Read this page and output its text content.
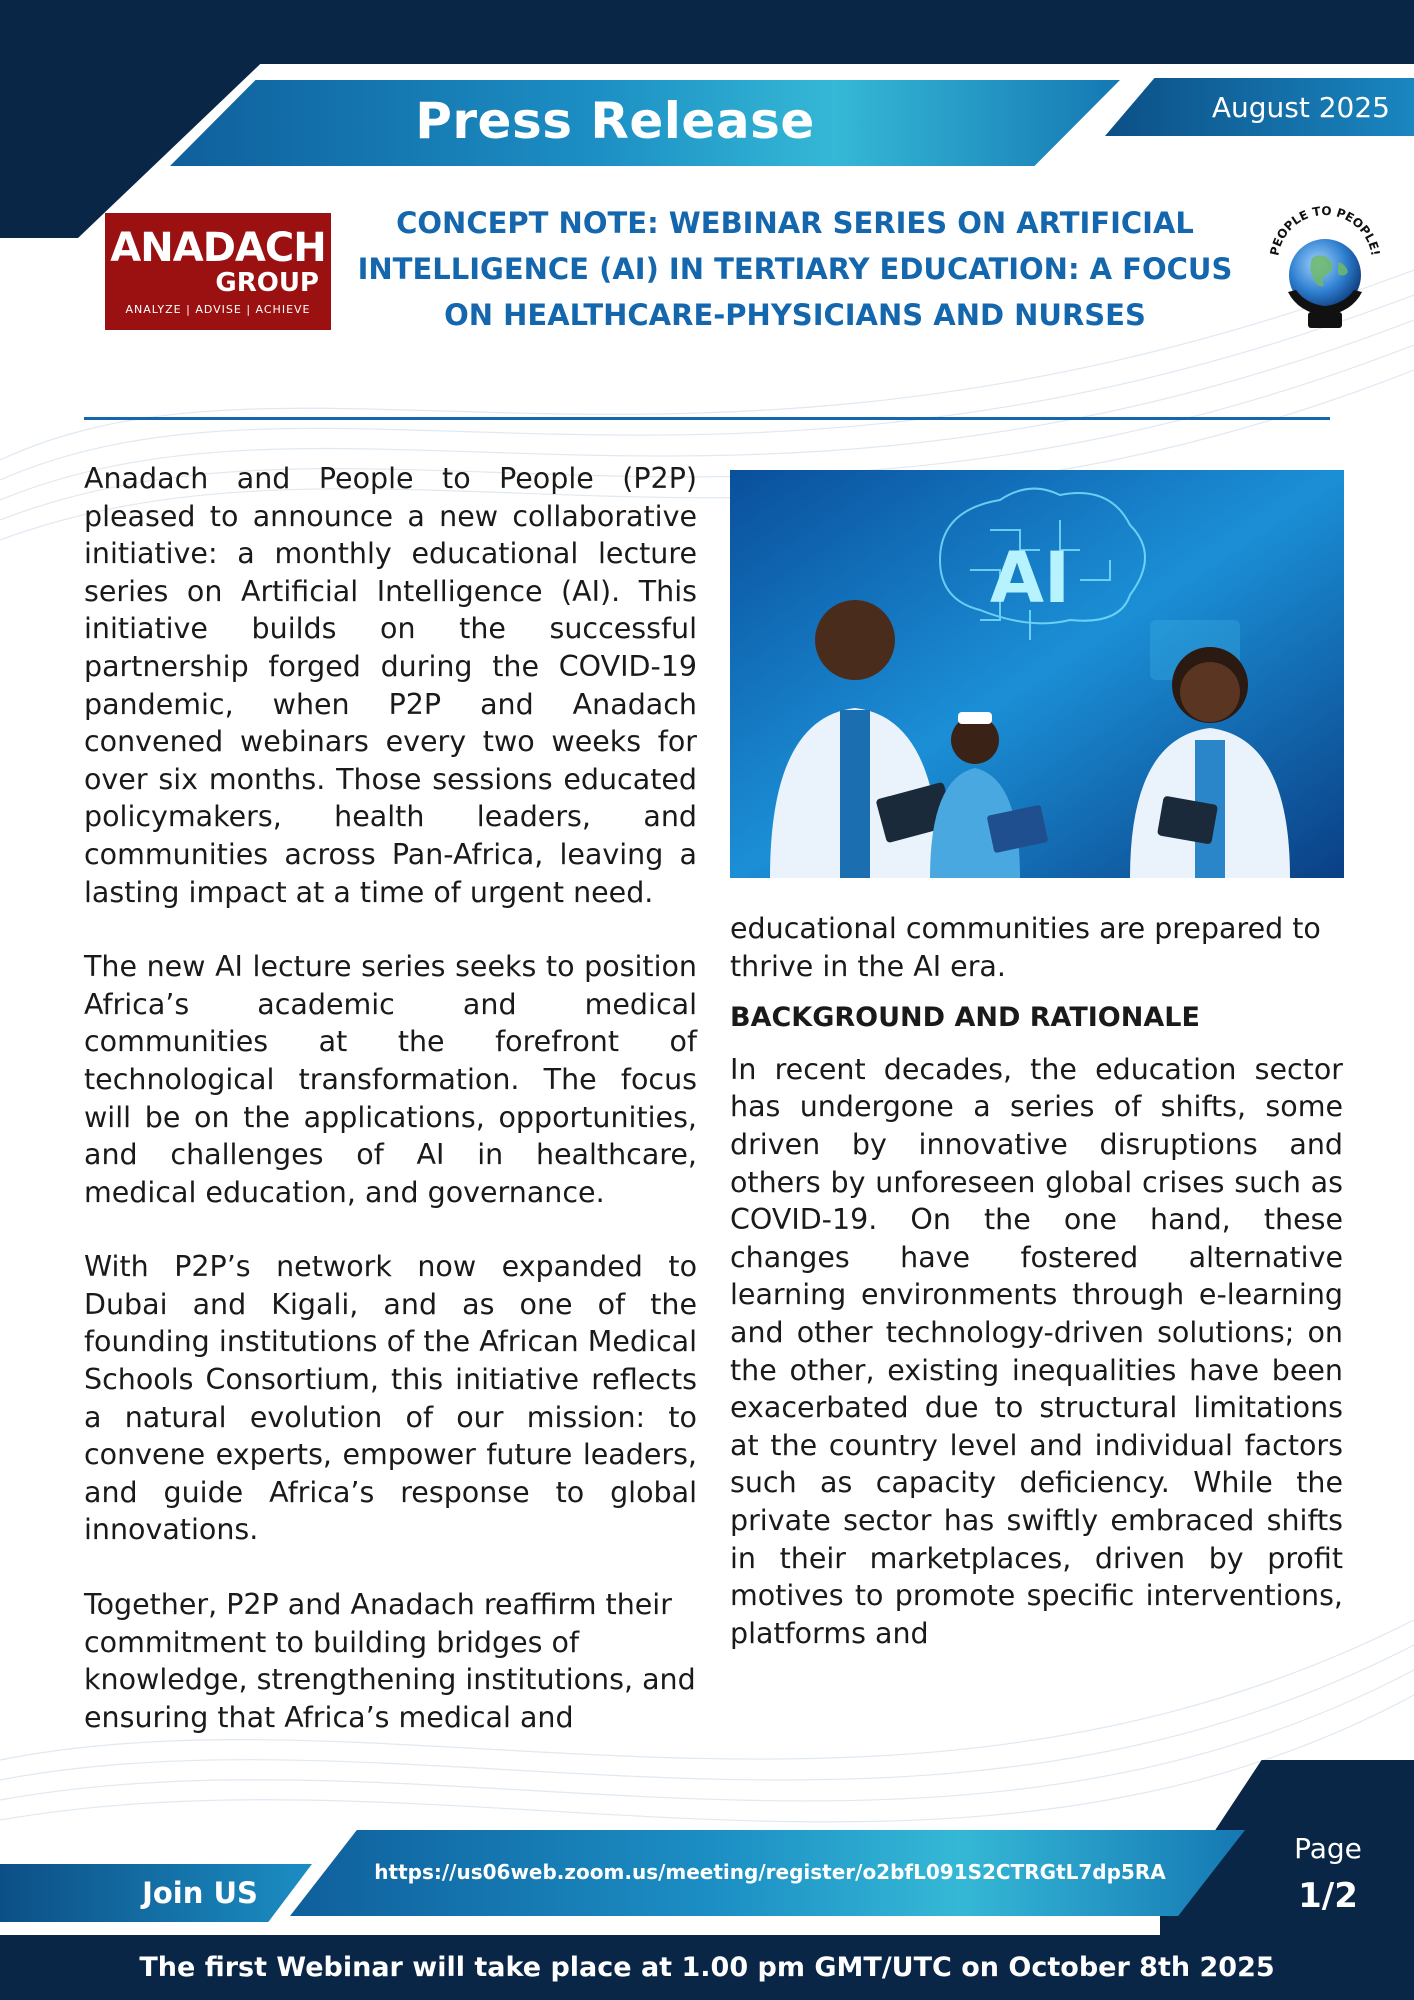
Press Release	August 2025
ANADACH
GROUP
ANALYZE | ADVISE | ACHIEVE
CONCEPT NOTE: WEBINAR SERIES ON ARTIFICIAL
INTELLIGENCE (AI) IN TERTIARY EDUCATION: A FOCUS
ON HEALTHCARE-PHYSICIANS AND NURSES
PEOPLE TO PEOPLE!

Anadach and People to People (P2P) pleased to announce a new collaborative initiative: a monthly educational lecture series on Artificial Intelligence (AI). This initiative builds on the successful partnership forged during the COVID-19 pandemic, when P2P and Anadach convened webinars every two weeks for over six months. Those sessions educated policymakers, health leaders, and communities across Pan-Africa, leaving a lasting impact at a time of urgent need.

The new AI lecture series seeks to position Africa’s academic and medical communities at the forefront of technological transformation. The focus will be on the applications, opportunities, and challenges of AI in healthcare, medical education, and governance.

With P2P’s network now expanded to Dubai and Kigali, and as one of the founding institutions of the African Medical Schools Consortium, this initiative reflects a natural evolution of our mission: to convene experts, empower future leaders, and guide Africa’s response to global innovations.

Together, P2P and Anadach reaffirm their commitment to building bridges of knowledge, strengthening institutions, and ensuring that Africa’s medical and

AI

educational communities are prepared to thrive in the AI era.

BACKGROUND AND RATIONALE

In recent decades, the education sector has undergone a series of shifts, some driven by innovative disruptions and others by unforeseen global crises such as COVID-19. On the one hand, these changes have fostered alternative learning environments through e-learning and other technology-driven solutions; on the other, existing inequalities have been exacerbated due to structural limitations at the country level and individual factors such as capacity deficiency. While the private sector has swiftly embraced shifts in their marketplaces, driven by profit motives to promote specific interventions, platforms and

Join US
https://us06web.zoom.us/meeting/register/o2bfL091S2CTRGtL7dp5RA
Page
1/2
The first Webinar will take place at 1.00 pm GMT/UTC on October 8th 2025
